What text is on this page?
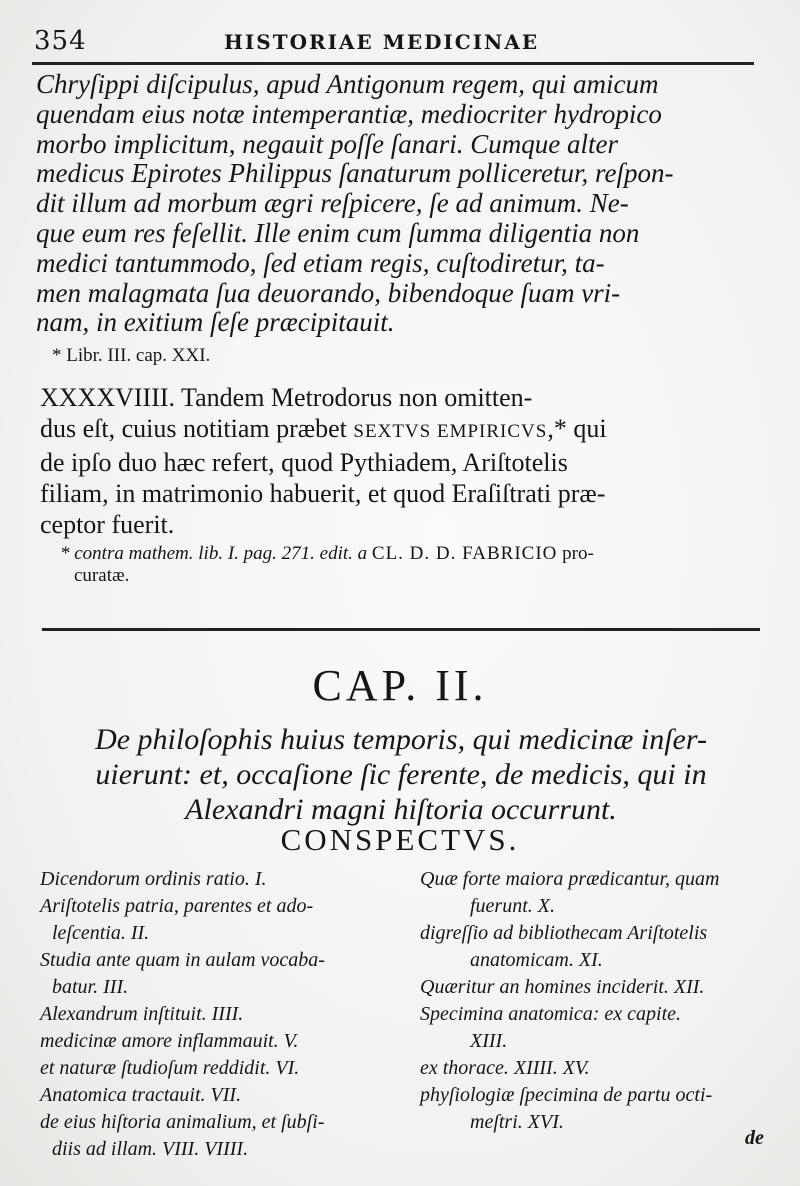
354	HISTORIAE MEDICINAE
Chryſippi diſcipulus, apud Antigonum regem, qui amicum
quendam eius notæ intemperantiæ, mediocriter hydropico
morbo implicitum, negauit poſſe ſanari. Cumque alter
medicus Epirotes Philippus ſanaturum polliceretur, reſpon-
dit illum ad morbum ægri reſpicere, ſe ad animum. Ne-
que eum res feſellit. Ille enim cum ſumma diligentia non
medici tantummodo, ſed etiam regis, cuſtodiretur, ta-
men malagmata ſua deuorando, bibendoque ſuam vri-
nam, in exitium ſeſe præcipitauit.
* Libr. III. cap. XXI.
XXXXVIIII. Tandem Metrodorus non omitten-
dus eſt, cuius notitiam præbet SEXTVS EMPIRICVS,* qui
de ipſo duo hæc refert, quod Pythiadem, Ariſtotelis
filiam, in matrimonio habuerit, et quod Eraſiſtrati præ-
ceptor fuerit.
* contra mathem. lib. I. pag. 271. edit. a CL. D. D. FABRICIO pro-
curatæ.
CAP. II.
De philoſophis huius temporis, qui medicinæ inſer-
uierunt: et, occaſione ſic ferente, de medicis, qui in
Alexandri magni hiſtoria occurrunt.
CONSPECTVS.
Dicendorum ordinis ratio. I.
Ariſtotelis patria, parentes et ado-
leſcentia. II.
Studia ante quam in aulam vocaba-
batur. III.
Alexandrum inſtituit. IIII.
medicinæ amore inflammauit. V.
et naturæ ſtudioſum reddidit. VI.
Anatomica tractauit. VII.
de eius hiſtoria animalium, et ſubſi-
diis ad illam. VIII. VIIII.
Quæ forte maiora prædicantur, quam
fuerunt. X.
digreſſio ad bibliothecam Ariſtotelis
anatomicam. XI.
Quæritur an homines inciderit. XII.
Specimina anatomica: ex capite.
XIII.
ex thorace. XIIII. XV.
phyſiologiæ ſpecimina de partu octi-
meſtri. XVI.
de
